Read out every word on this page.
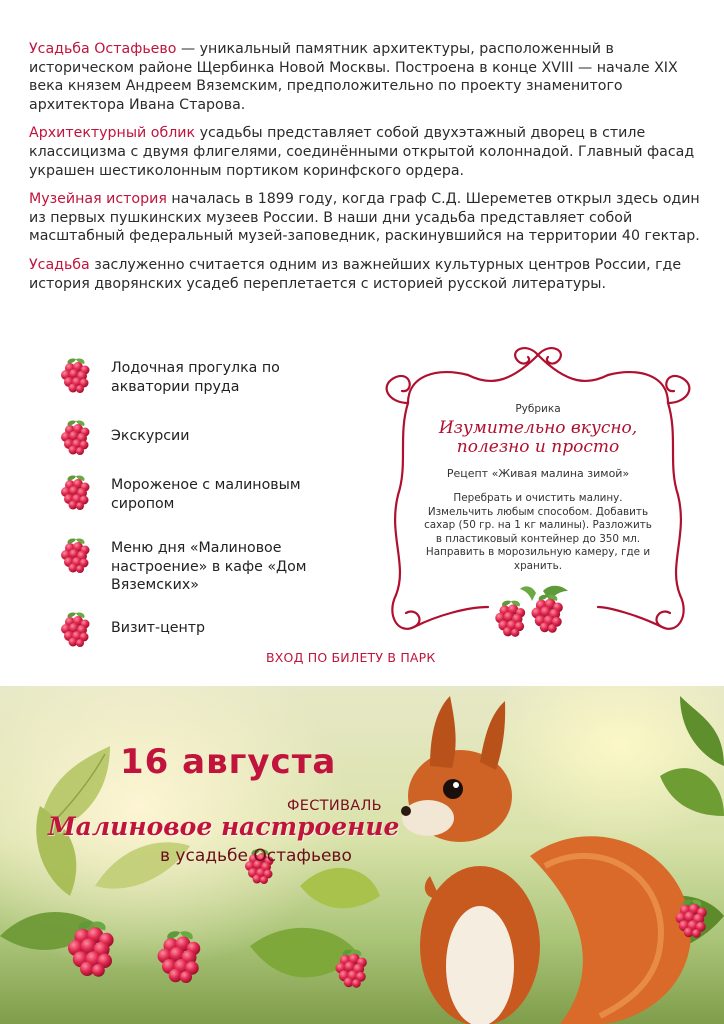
Усадьба Остафьево — уникальный памятник архитектуры, расположенный в историческом районе Щербинка Новой Москвы. Построена в конце XVIII — начале XIX века князем Андреем Вяземским, предположительно по проекту знаменитого архитектора Ивана Старова.

Архитектурный облик усадьбы представляет собой двухэтажный дворец в стиле классицизма с двумя флигелями, соединёнными открытой колоннадой. Главный фасад украшен шестиколонным портиком коринфского ордера.

Музейная история началась в 1899 году, когда граф С.Д. Шереметев открыл здесь один из первых пушкинских музеев России. В наши дни усадьба представляет собой масштабный федеральный музей-заповедник, раскинувшийся на территории 40 гектар.

Усадьба заслуженно считается одним из важнейших культурных центров России, где история дворянских усадеб переплетается с историей русской литературы.

Лодочная прогулка по акватории пруда
Экскурсии
Мороженое с малиновым сиропом
Меню дня «Малиновое настроение» в кафе «Дом Вяземских»
Визит-центр
ВХОД ПО БИЛЕТУ В ПАРК
Рубрика
Изумительно вкусно,
полезно и просто
Рецепт «Живая малина зимой»
Перебрать и очистить малину. Измельчить любым способом. Добавить сахар (50 гр. на 1 кг малины). Разложить в пластиковый контейнер до 350 мл. Направить в морозильную камеру, где и хранить.
16 августа
ФЕСТИВАЛЬ
Малиновое настроение
в усадьбе Остафьево
